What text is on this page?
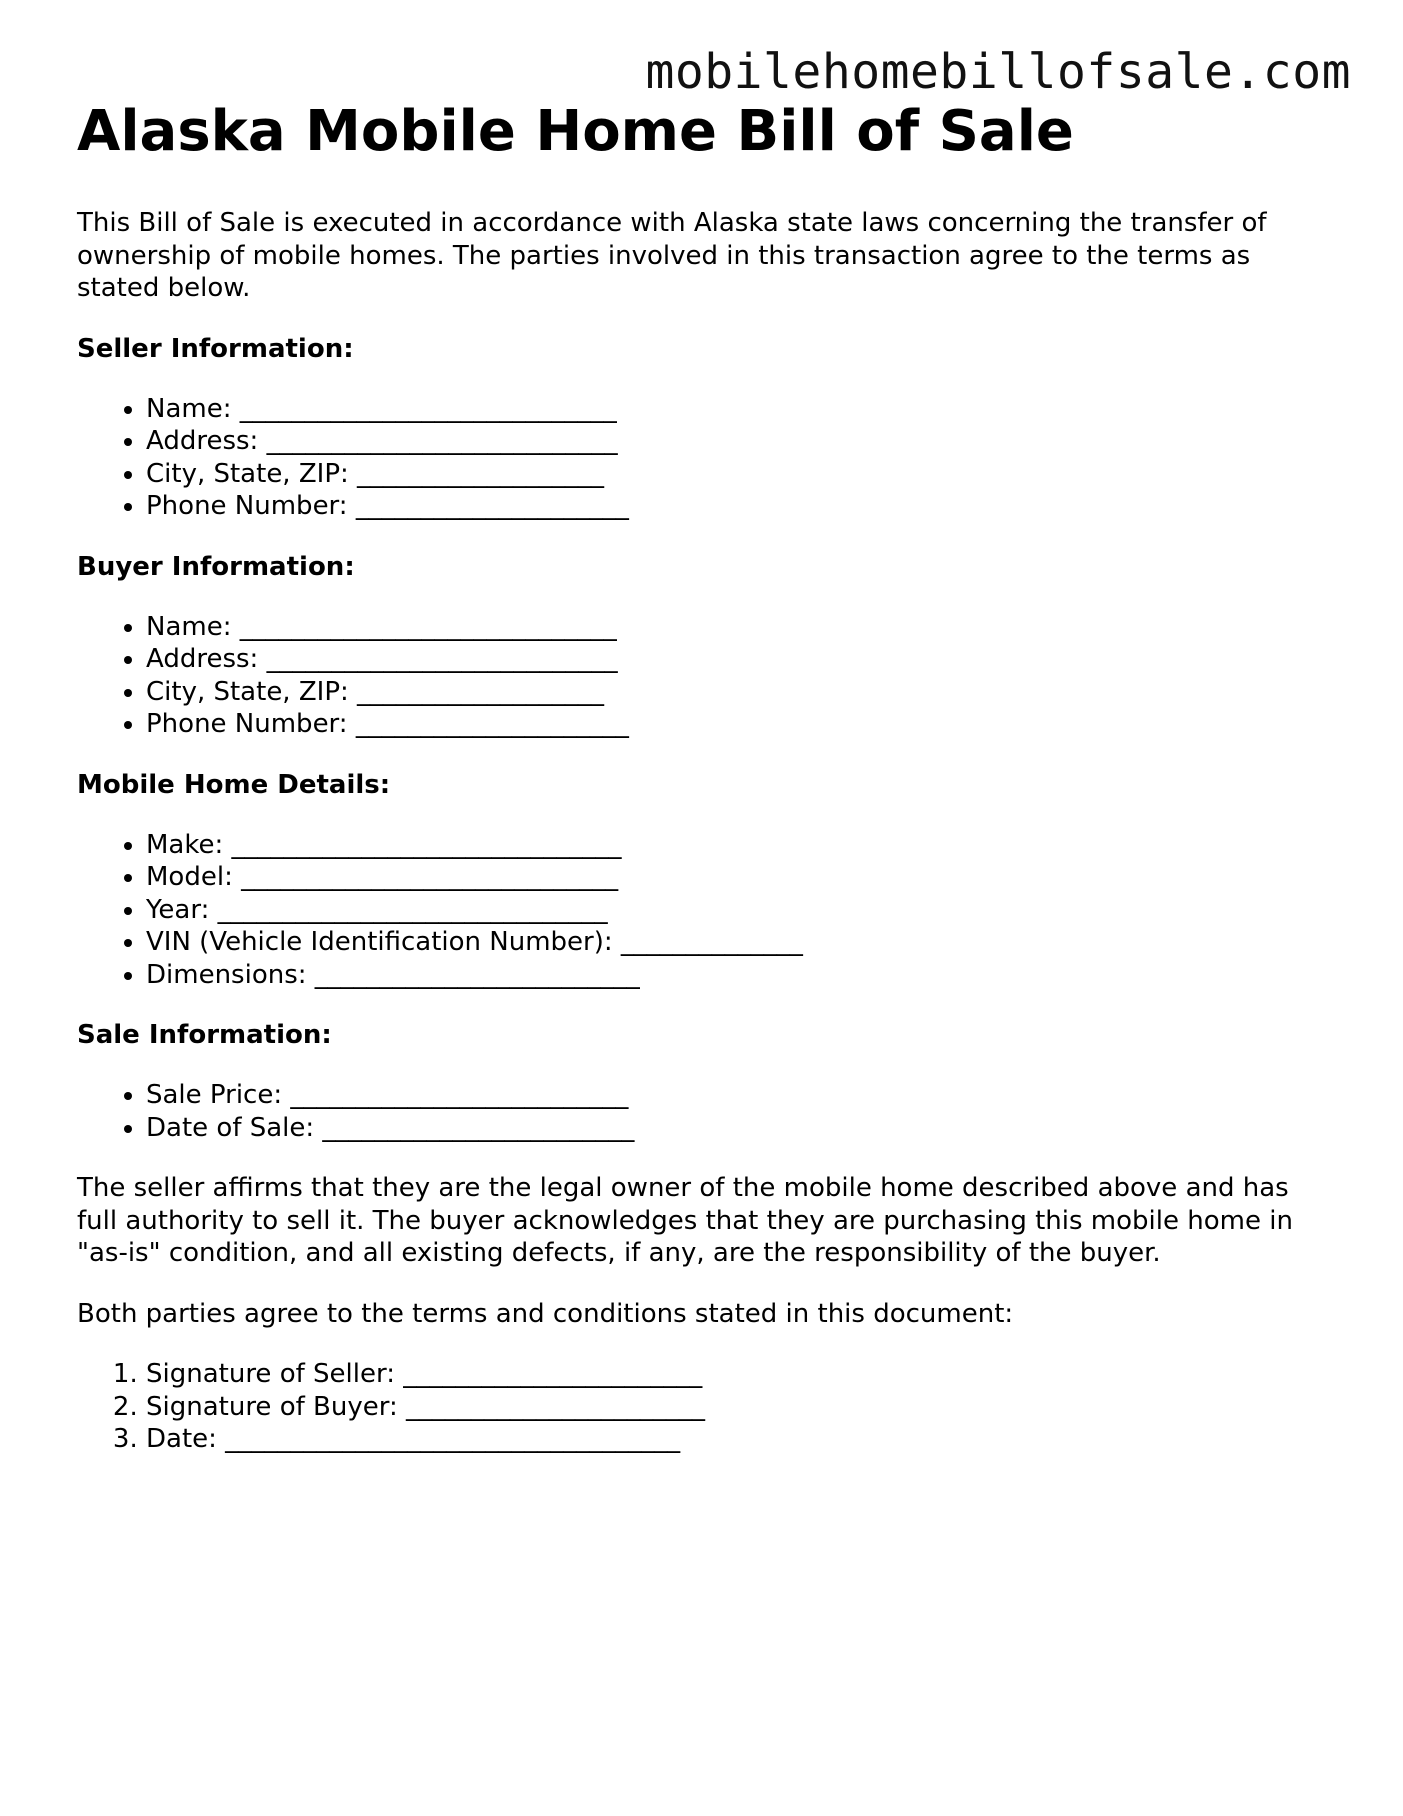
mobilehomebillofsale.com
Alaska Mobile Home Bill of Sale

This Bill of Sale is executed in accordance with Alaska state laws concerning the transfer of ownership of mobile homes. The parties involved in this transaction agree to the terms as stated below.

Seller Information:
• Name: _____________________________
• Address: ___________________________
• City, State, ZIP: ___________________
• Phone Number: _____________________
Buyer Information:
• Name: _____________________________
• Address: ___________________________
• City, State, ZIP: ___________________
• Phone Number: _____________________
Mobile Home Details:
• Make: ______________________________
• Model: _____________________________
• Year: ______________________________
• VIN (Vehicle Identification Number): ______________
• Dimensions: _________________________
Sale Information:
• Sale Price: __________________________
• Date of Sale: ________________________

The seller affirms that they are the legal owner of the mobile home described above and has full authority to sell it. The buyer acknowledges that they are purchasing this mobile home in "as-is" condition, and all existing defects, if any, are the responsibility of the buyer.

Both parties agree to the terms and conditions stated in this document:

1. Signature of Seller: _______________________
2. Signature of Buyer: _______________________
3. Date: ___________________________________
